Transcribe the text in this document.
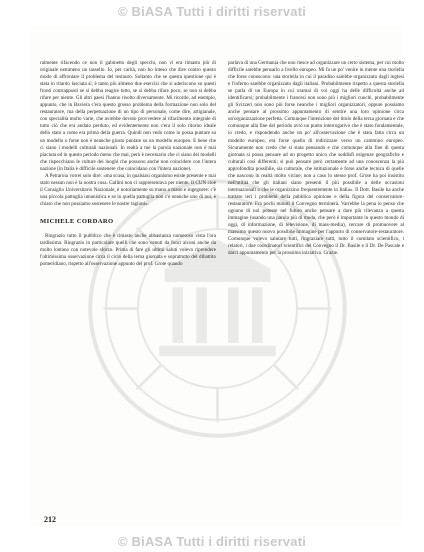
© BiASA Tutti i diritti riservati

ralmente rifacendo ce non il gabinetto degli specchi, non vi era rimasto più di originale nemmeno un tassello. Io, per carità, non ho inteso che dire contro questo modo di affrontare il problema del restauro. Soltanto che se questa questione qui è stata in ritardo lasciata sì, è tanto più almeno due esercizi che si aderiscono su questi fronti contrapposti se si debba reagire tutto, se si debba rifare poco, se non si debba rifare per niente. Gli altri paesi l'hanno risolto diversamente. Mi ricordo, ad esempio, appunto, che in Baviera c'era questo grosso problema della formazione non solo del restauratore, ma della perpetuazione di un tipo di personale, come dire, artigianale, con specialità molto varie, che avrebbe dovuto provvedere al rifacimento integrale di tutto ciò che era andato perduto, ed evidentemente non c'era il solo ritorno ideale dello stato a come era prima della guerra. Quindi non vedo come io possa puntare su un modello o forse non è neanche giusto puntare su un modello europeo. E bene che ci siano i modelli culturali nazionali. In realtà a me la parola nazionale non è mai piaciuta ed in questo periodo meno che mai, però è necessario che ci siano dei modelli che rispecchiano le culture dei luoghi che possono anche non coincidere con l'intera nazione (in Italia è difficile sostenere che coincidano con l'intera nazione).

A Petraroia vorrei solo dire: «ma scusa, in qualsiasi organismo esiste presente e mai stato nessun non è la nostra cosa. Gallini non ci rappresentava per niente. Il CUN cioè il Consiglio Universitario Nazionale, è notoriamente su mano a mano e ingegnere: c'è una piccola pattuglia umanistica e se in quella pattuglia non c'è neanche uno di noi, è chiaro che non possiamo sostenere le nostre ragioni».

MICHELE CORDARO

Ringrazio tutto il pubblico che è rimasto anche abbastanza numeroso vista l'ora tardissima. Ringrazio in particolare quelli che sono venuti da fuori alcuni anche da molto lontano con notevole sforzo. Prima di fare gli ultimi saluti volevo riprendere l'ultimissima osservazione circa il ciclo della terna giornata e soprattutto del dibattito pomeridiano, rispetto all'osservazione appunto del prof. Grote quando

parlava di una Germania che non riesce ad organizzare un certo sistema, per cui molto difficile sarebbe pensarlo a livello europeo. Mi fa un po' venire in mente una storiella che forse conoscono: una storiella in cui il paradiso sarebbe organizzato dagli inglesi e l'inferno sarebbe organizzato dagli italiani. Probabilmente rispetto a questa storiella se parla di un Europa in cui oramai di voi oggi ha delle difficoltà anche ad identificarsi; probabilmente i francesi non sono più i migliori cuochi, probabilmente gli Svizzeri non sono più forse neanche i migliori organizzatori, oppure possiamo anche pensare al prossimo appuntamento di sentire una loro opinione circa un'organizzazione perfetta. Comunque l'intenzione del titolo della terza giornata e che comunque alla fine del periodo avrò un punto interrogativo che è stato fondamentale, io credo, e rispondendo anche un po' all'osservazione che è stata fatta circa un modello europeo, era forse quella di indirizzare verso un cammino europeo. Sicuramente non credo che si stata pensando e che comunque alla fine di questa giornata si possa pensare ad un progetto unico che soddisfi esigenze geografiche e culturali così differenti; si può pensare però certamente ad una conoscenza la più approfondita possibile, sia culturale, che istituzionale e forse anche tecnica di quelle che nascono in realtà molto vicine; non a caso lo stesso prof. Grote ha poi insistito nell'utilità che gli italiani siano presenti il più possibile a delle occasioni internazionali o che le organizzino frequentemente in Italia». Il Dott. Basile ha anche trattato ieri i problemi della pubblica opinione e della figura del conservatore-restauratore. Fra pochi minuti il Convegno terminerà. Varrebbe la pena io penso che ognuno di noi potesse nel futuro anche pensare a dare più rilevanza a questa immagine (usando una parola più di moda, che però è importante in questo mondo di oggi, di informazione, di televisione, di mass-media), cercare di promuovere al massimo questo nuovo possibile immagine per l'apporto di conservatore-restauratore. Comunque volevo salutare tutti, ringraziare tutti, tutto il comitato scientifico, i relatori, i due coordinatori scientifici del Convegno il Dr. Basile e il Dr. De Pascale e darci appuntamento per la prossima iniziativa. Grazie.

212
© BiASA Tutti i diritti riservati
